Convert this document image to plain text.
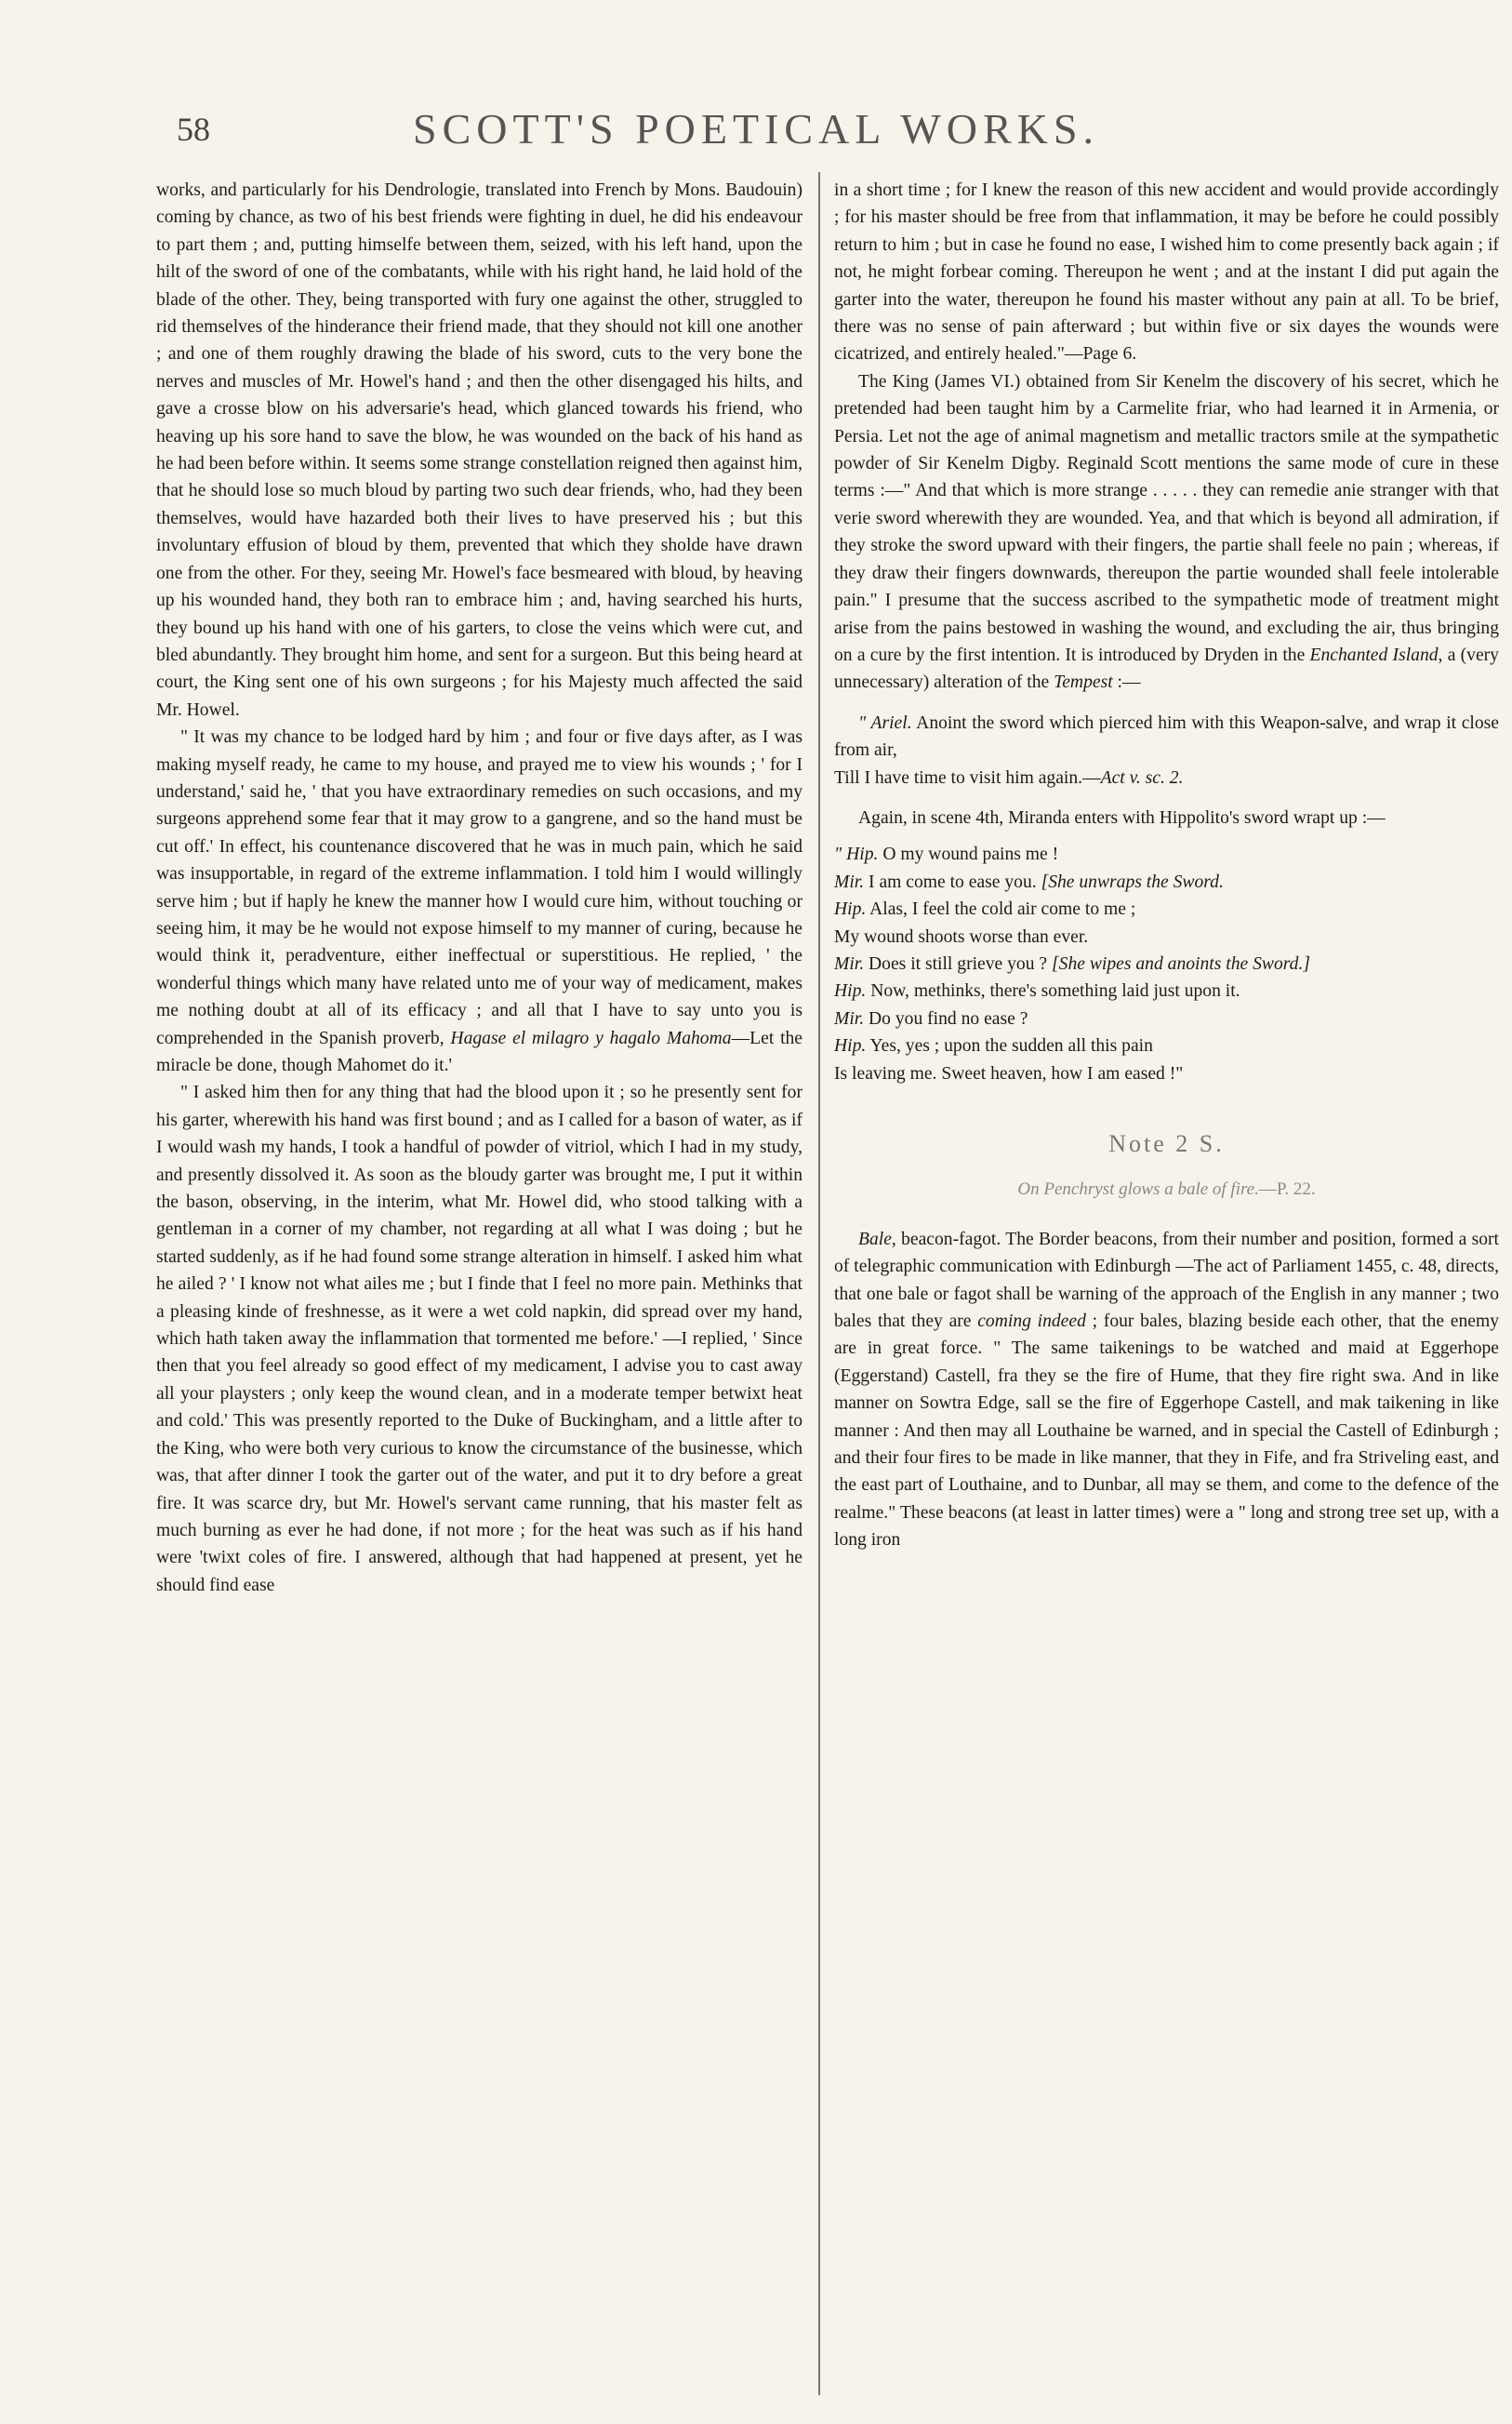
58	SCOTT'S POETICAL WORKS.

works, and particularly for his Dendrologie, translated into French by Mons. Baudouin) coming by chance, as two of his best friends were fighting in duel, he did his endeavour to part them ; and, putting himselfe between them, seized, with his left hand, upon the hilt of the sword of one of the combatants, while with his right hand, he laid hold of the blade of the other. They, being transported with fury one against the other, struggled to rid themselves of the hinderance their friend made, that they should not kill one another ; and one of them roughly drawing the blade of his sword, cuts to the very bone the nerves and muscles of Mr. Howel's hand ; and then the other disengaged his hilts, and gave a crosse blow on his adversarie's head, which glanced towards his friend, who heaving up his sore hand to save the blow, he was wounded on the back of his hand as he had been before within. It seems some strange constellation reigned then against him, that he should lose so much bloud by parting two such dear friends, who, had they been themselves, would have hazarded both their lives to have preserved his ; but this involuntary effusion of bloud by them, prevented that which they sholde have drawn one from the other. For they, seeing Mr. Howel's face besmeared with bloud, by heaving up his wounded hand, they both ran to embrace him ; and, having searched his hurts, they bound up his hand with one of his garters, to close the veins which were cut, and bled abundantly. They brought him home, and sent for a surgeon. But this being heard at court, the King sent one of his own surgeons ; for his Majesty much affected the said Mr. Howel.

" It was my chance to be lodged hard by him ; and four or five days after, as I was making myself ready, he came to my house, and prayed me to view his wounds ; ' for I understand,' said he, ' that you have extraordinary remedies on such occasions, and my surgeons apprehend some fear that it may grow to a gangrene, and so the hand must be cut off.' In effect, his countenance discovered that he was in much pain, which he said was insupportable, in regard of the extreme inflammation. I told him I would willingly serve him ; but if haply he knew the manner how I would cure him, without touching or seeing him, it may be he would not expose himself to my manner of curing, because he would think it, peradventure, either ineffectual or superstitious. He replied, ' the wonderful things which many have related unto me of your way of medicament, makes me nothing doubt at all of its efficacy ; and all that I have to say unto you is comprehended in the Spanish proverb, Hagase el milagro y hagalo Mahoma—Let the miracle be done, though Mahomet do it.'

" I asked him then for any thing that had the blood upon it ; so he presently sent for his garter, wherewith his hand was first bound ; and as I called for a bason of water, as if I would wash my hands, I took a handful of powder of vitriol, which I had in my study, and presently dissolved it. As soon as the bloudy garter was brought me, I put it within the bason, observing, in the interim, what Mr. Howel did, who stood talking with a gentleman in a corner of my chamber, not regarding at all what I was doing ; but he started suddenly, as if he had found some strange alteration in himself. I asked him what he ailed ? ' I know not what ailes me ; but I finde that I feel no more pain. Methinks that a pleasing kinde of freshnesse, as it were a wet cold napkin, did spread over my hand, which hath taken away the inflammation that tormented me before.' —I replied, ' Since then that you feel already so good effect of my medicament, I advise you to cast away all your playsters ; only keep the wound clean, and in a moderate temper betwixt heat and cold.' This was presently reported to the Duke of Buckingham, and a little after to the King, who were both very curious to know the circumstance of the businesse, which was, that after dinner I took the garter out of the water, and put it to dry before a great fire. It was scarce dry, but Mr. Howel's servant came running, that his master felt as much burning as ever he had done, if not more ; for the heat was such as if his hand were 'twixt coles of fire. I answered, although that had happened at present, yet he should find ease

in a short time ; for I knew the reason of this new accident and would provide accordingly ; for his master should be free from that inflammation, it may be before he could possibly return to him ; but in case he found no ease, I wished him to come presently back again ; if not, he might forbear coming. Thereupon he went ; and at the instant I did put again the garter into the water, thereupon he found his master without any pain at all. To be brief, there was no sense of pain afterward ; but within five or six dayes the wounds were cicatrized, and entirely healed."—Page 6.

The King (James VI.) obtained from Sir Kenelm the discovery of his secret, which he pretended had been taught him by a Carmelite friar, who had learned it in Armenia, or Persia. Let not the age of animal magnetism and metallic tractors smile at the sympathetic powder of Sir Kenelm Digby. Reginald Scott mentions the same mode of cure in these terms :—" And that which is more strange . . . . . they can remedie anie stranger with that verie sword wherewith they are wounded. Yea, and that which is beyond all admiration, if they stroke the sword upward with their fingers, the partie shall feele no pain ; whereas, if they draw their fingers downwards, thereupon the partie wounded shall feele intolerable pain." I presume that the success ascribed to the sympathetic mode of treatment might arise from the pains bestowed in washing the wound, and excluding the air, thus bringing on a cure by the first intention. It is introduced by Dryden in the Enchanted Island, a (very unnecessary) alteration of the Tempest :—

" Ariel. Anoint the sword which pierced him with this Weapon-salve, and wrap it close from air,

Till I have time to visit him again.—Act v. sc. 2.

Again, in scene 4th, Miranda enters with Hippolito's sword wrapt up :—

" Hip. O my wound pains me !

Mir. I am come to ease you. [She unwraps the Sword.

Hip. Alas, I feel the cold air come to me ;

My wound shoots worse than ever.

Mir. Does it still grieve you ? [She wipes and anoints the Sword.]

Hip. Now, methinks, there's something laid just upon it.

Mir. Do you find no ease ?

Hip. Yes, yes ; upon the sudden all this pain

Is leaving me. Sweet heaven, how I am eased !"

Note 2 S.
On Penchryst glows a bale of fire.—P. 22.

Bale, beacon-fagot. The Border beacons, from their number and position, formed a sort of telegraphic communication with Edinburgh —The act of Parliament 1455, c. 48, directs, that one bale or fagot shall be warning of the approach of the English in any manner ; two bales that they are coming indeed ; four bales, blazing beside each other, that the enemy are in great force. " The same taikenings to be watched and maid at Eggerhope (Eggerstand) Castell, fra they se the fire of Hume, that they fire right swa. And in like manner on Sowtra Edge, sall se the fire of Eggerhope Castell, and mak taikening in like manner : And then may all Louthaine be warned, and in special the Castell of Edinburgh ; and their four fires to be made in like manner, that they in Fife, and fra Striveling east, and the east part of Louthaine, and to Dunbar, all may se them, and come to the defence of the realme." These beacons (at least in latter times) were a " long and strong tree set up, with a long iron
